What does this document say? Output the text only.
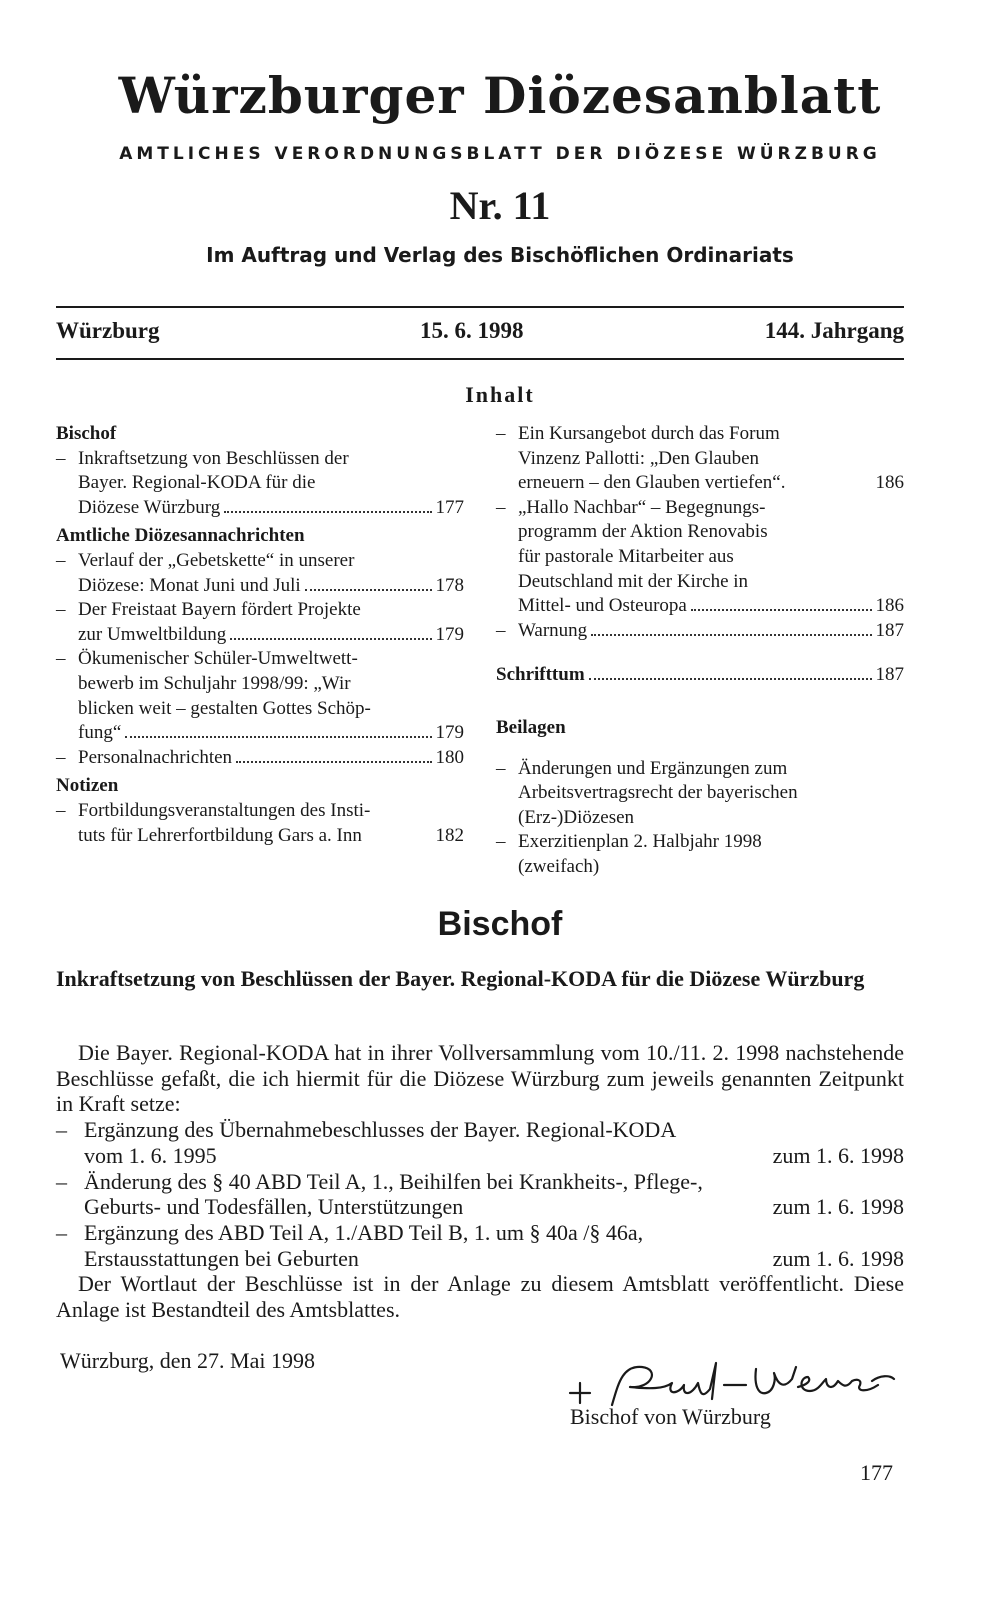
Würzburger Diözesanblatt
AMTLICHES VERORDNUNGSBLATT DER DIÖZESE WÜRZBURG
Nr. 11
Im Auftrag und Verlag des Bischöflichen Ordinariats
Würzburg	15. 6. 1998	144. Jahrgang
Inhalt
Bischof
– Inkraftsetzung von Beschlüssen der
Bayer. Regional-KODA für die
Diözese Würzburg	177
Amtliche Diözesannachrichten
– Verlauf der „Gebetskette“ in unserer
Diözese: Monat Juni und Juli	178
– Der Freistaat Bayern fördert Projekte
zur Umweltbildung	179
– Ökumenischer Schüler-Umweltwett-
bewerb im Schuljahr 1998/99: „Wir
blicken weit – gestalten Gottes Schöp-
fung“	179
– Personalnachrichten	180
Notizen
– Fortbildungsveranstaltungen des Insti-
tuts für Lehrerfortbildung Gars a. Inn	182
– Ein Kursangebot durch das Forum
Vinzenz Pallotti: „Den Glauben
erneuern – den Glauben vertiefen“.	186
– „Hallo Nachbar“ – Begegnungs-
programm der Aktion Renovabis
für pastorale Mitarbeiter aus
Deutschland mit der Kirche in
Mittel- und Osteuropa	186
– Warnung	187
Schrifttum	187
Beilagen
– Änderungen und Ergänzungen zum
Arbeitsvertragsrecht der bayerischen
(Erz-)Diözesen
– Exerzitienplan 2. Halbjahr 1998
(zweifach)
Bischof
Inkraftsetzung von Beschlüssen der Bayer. Regional-KODA für die Diözese Würzburg

Die Bayer. Regional-KODA hat in ihrer Vollversammlung vom 10./11. 2. 1998 nachstehende Beschlüsse gefaßt, die ich hiermit für die Diözese Würzburg zum jeweils genannten Zeitpunkt in Kraft setze:

– Ergänzung des Übernahmebeschlusses der Bayer. Regional-KODA
vom 1. 6. 1995	zum 1. 6. 1998
– Änderung des § 40 ABD Teil A, 1., Beihilfen bei Krankheits-, Pflege-,
Geburts- und Todesfällen, Unterstützungen	zum 1. 6. 1998
– Ergänzung des ABD Teil A, 1./ABD Teil B, 1. um § 40a /§ 46a,
Erstausstattungen bei Geburten	zum 1. 6. 1998

Der Wortlaut der Beschlüsse ist in der Anlage zu diesem Amtsblatt veröffentlicht. Diese Anlage ist Bestandteil des Amtsblattes.

Würzburg, den 27. Mai 1998
Bischof von Würzburg
177
